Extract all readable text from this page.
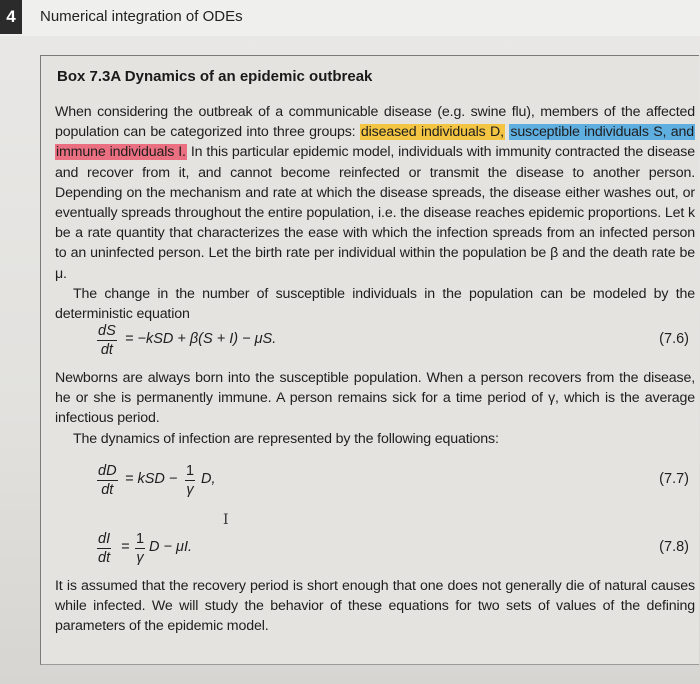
4	Numerical integration of ODEs
Box 7.3A Dynamics of an epidemic outbreak

When considering the outbreak of a communicable disease (e.g. swine flu), members of the affected population can be categorized into three groups: diseased individuals D, susceptible individuals S, and immune individuals I. In this particular epidemic model, individuals with immunity contracted the disease and recover from it, and cannot become reinfected or transmit the disease to another person. Depending on the mechanism and rate at which the disease spreads, the disease either washes out, or eventually spreads throughout the entire population, i.e. the disease reaches epidemic proportions. Let k be a rate quantity that characterizes the ease with which the infection spreads from an infected person to an uninfected person. Let the birth rate per individual within the population be β and the death rate be μ.

The change in the number of susceptible individuals in the population can be modeled by the deterministic equation

$\frac{dS}{dt} = -kSD + \beta(S + I) - \mu S$.	(7.6)

Newborns are always born into the susceptible population. When a person recovers from the disease, he or she is permanently immune. A person remains sick for a time period of γ, which is the average infectious period.

The dynamics of infection are represented by the following equations:

$\frac{dD}{dt}$ = kSD − $\frac{1}{\gamma} D$,	(7.7)
I
$\frac{dI}{dt} = \frac{1}{\gamma}$ D − μI.	(7.8)

It is assumed that the recovery period is short enough that one does not generally die of natural causes while infected. We will study the behavior of these equations for two sets of values of the defining parameters of the epidemic model.
